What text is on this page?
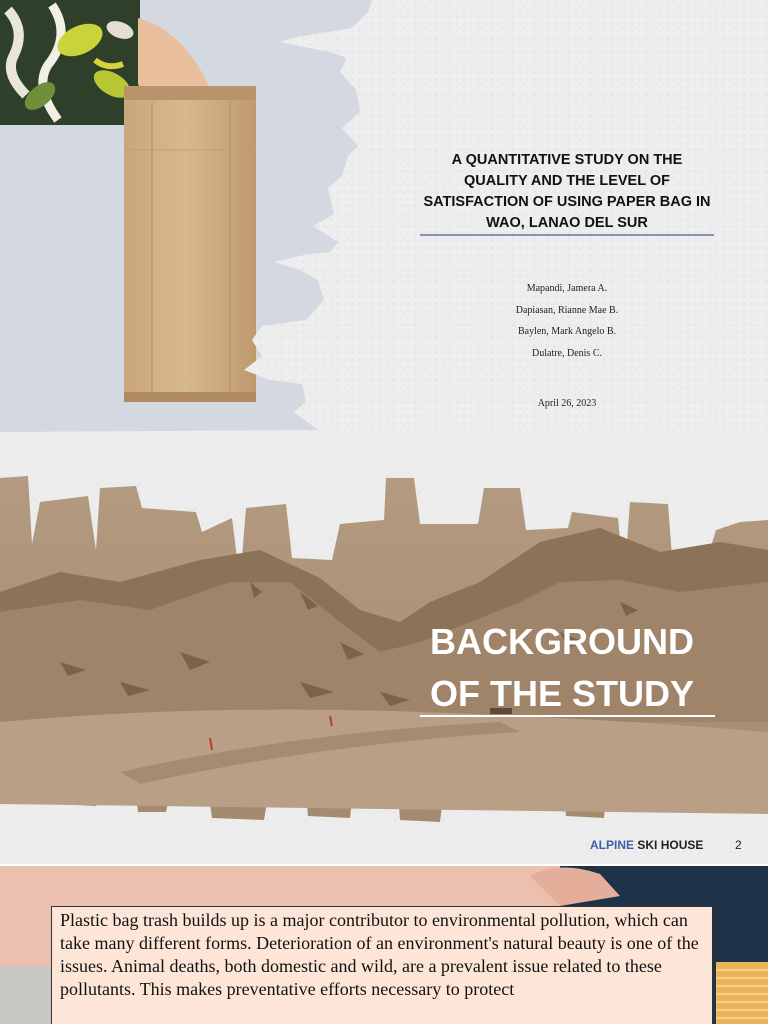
A QUANTITATIVE STUDY ON THE QUALITY AND THE LEVEL OF SATISFACTION OF USING PAPER BAG IN WAO, LANAO DEL SUR
Mapandi, Jamera A.
Dapiasan, Rianne Mae B.
Baylen, Mark Angelo B.
Dulatre, Denis C.
April 26, 2023
BACKGROUND
OF THE STUDY
ALPINE SKI HOUSE	2

Plastic bag trash builds up is a major contributor to environmental pollution, which can take many different forms. Deterioration of an environment's natural beauty is one of the issues. Animal deaths, both domestic and wild, are a prevalent issue related to these pollutants. This makes preventative efforts necessary to protect
